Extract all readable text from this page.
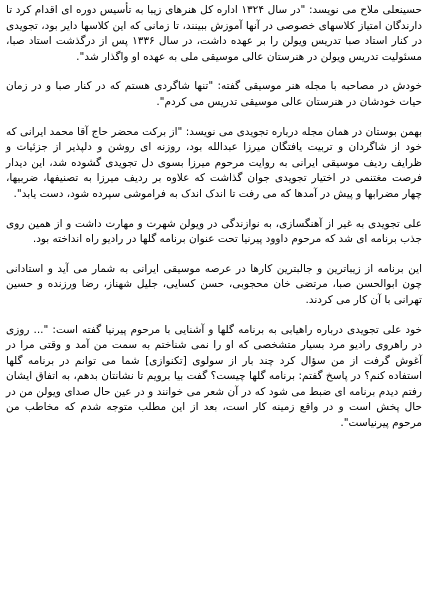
حسینعلی ملاح می نویسد: "در سال ۱۳۲۴ اداره کل هنرهای زیبا به تأسیس دوره ای اقدام کرد تا دارندگان امتیاز کلاسهای خصوصی در آنها آموزش ببینند، تا زمانی که این کلاسها دایر بود، تجویدی در کنار استاد صبا تدریس ویولن را بر عهده داشت، در سال ۱۳۳۶ پس از درگذشت استاد صبا، مسئولیت تدریس ویولن در هنرستان عالی موسیقی ملی به عهده او واگذار شد".

خودش در مصاحبه با مجله هنر موسیقی گفته: "تنها شاگردی هستم که در کنار صبا و در زمان حیات خودشان در هنرستان عالی موسیقی تدریس می کردم".

بهمن بوستان در همان مجله درباره تجویدی می نویسد: "از برکت محضر حاج آقا محمد ایرانی که خود از شاگردان و تربیت یافتگان میرزا عبدالله بود، روزنه ای روشن و دلپذیر از جزئیات و ظرایف ردیف موسیقی ایرانی به روایت مرحوم میرزا بسوی دل تجویدی گشوده شد، این دیدار فرصت مغتنمی در اختیار تجویدی جوان گذاشت که علاوه بر ردیف میرزا به تصنیفها، ضربیها، چهار مضرابها و پیش در آمدها که می رفت تا اندک اندک به فراموشی سپرده شود، دست یابد".

علی تجویدی به غیر از آهنگسازی، به نوازندگی در ویولن شهرت و مهارت داشت و از همین روی جذب برنامه ای شد که مرحوم داوود پیرنیا تحت عنوان برنامه گلها در رادیو راه انداخته بود.

این برنامه از زیباترین و جالبترین کارها در عرصه موسیقی ایرانی به شمار می آید و استادانی چون ابوالحسن صبا، مرتضی خان محجوبی، حسن کسایی، جلیل شهناز، رضا ورزنده و حسین تهرانی با آن کار می کردند.

خود علی تجویدی درباره راهیابی به برنامه گلها و آشنایی با مرحوم پیرنیا گفته است: "... روزی در راهروی رادیو مرد بسیار متشخصی که او را نمی شناختم به سمت من آمد و وقتی مرا در آغوش گرفت از من سؤال کرد چند بار از سولوی [تکنوازی] شما می توانم در برنامه گلها استفاده کنم؟ در پاسخ گفتم: برنامه گلها چیست؟ گفت بیا برویم تا نشانتان بدهم، به اتفاق ایشان رفتم دیدم برنامه ای ضبط می شود که در آن شعر می خوانند و در عین حال صدای ویولن من در حال پخش است و در واقع زمینه کار است، بعد از این مطلب متوجه شدم که مخاطب من مرحوم پیرنیاست".
